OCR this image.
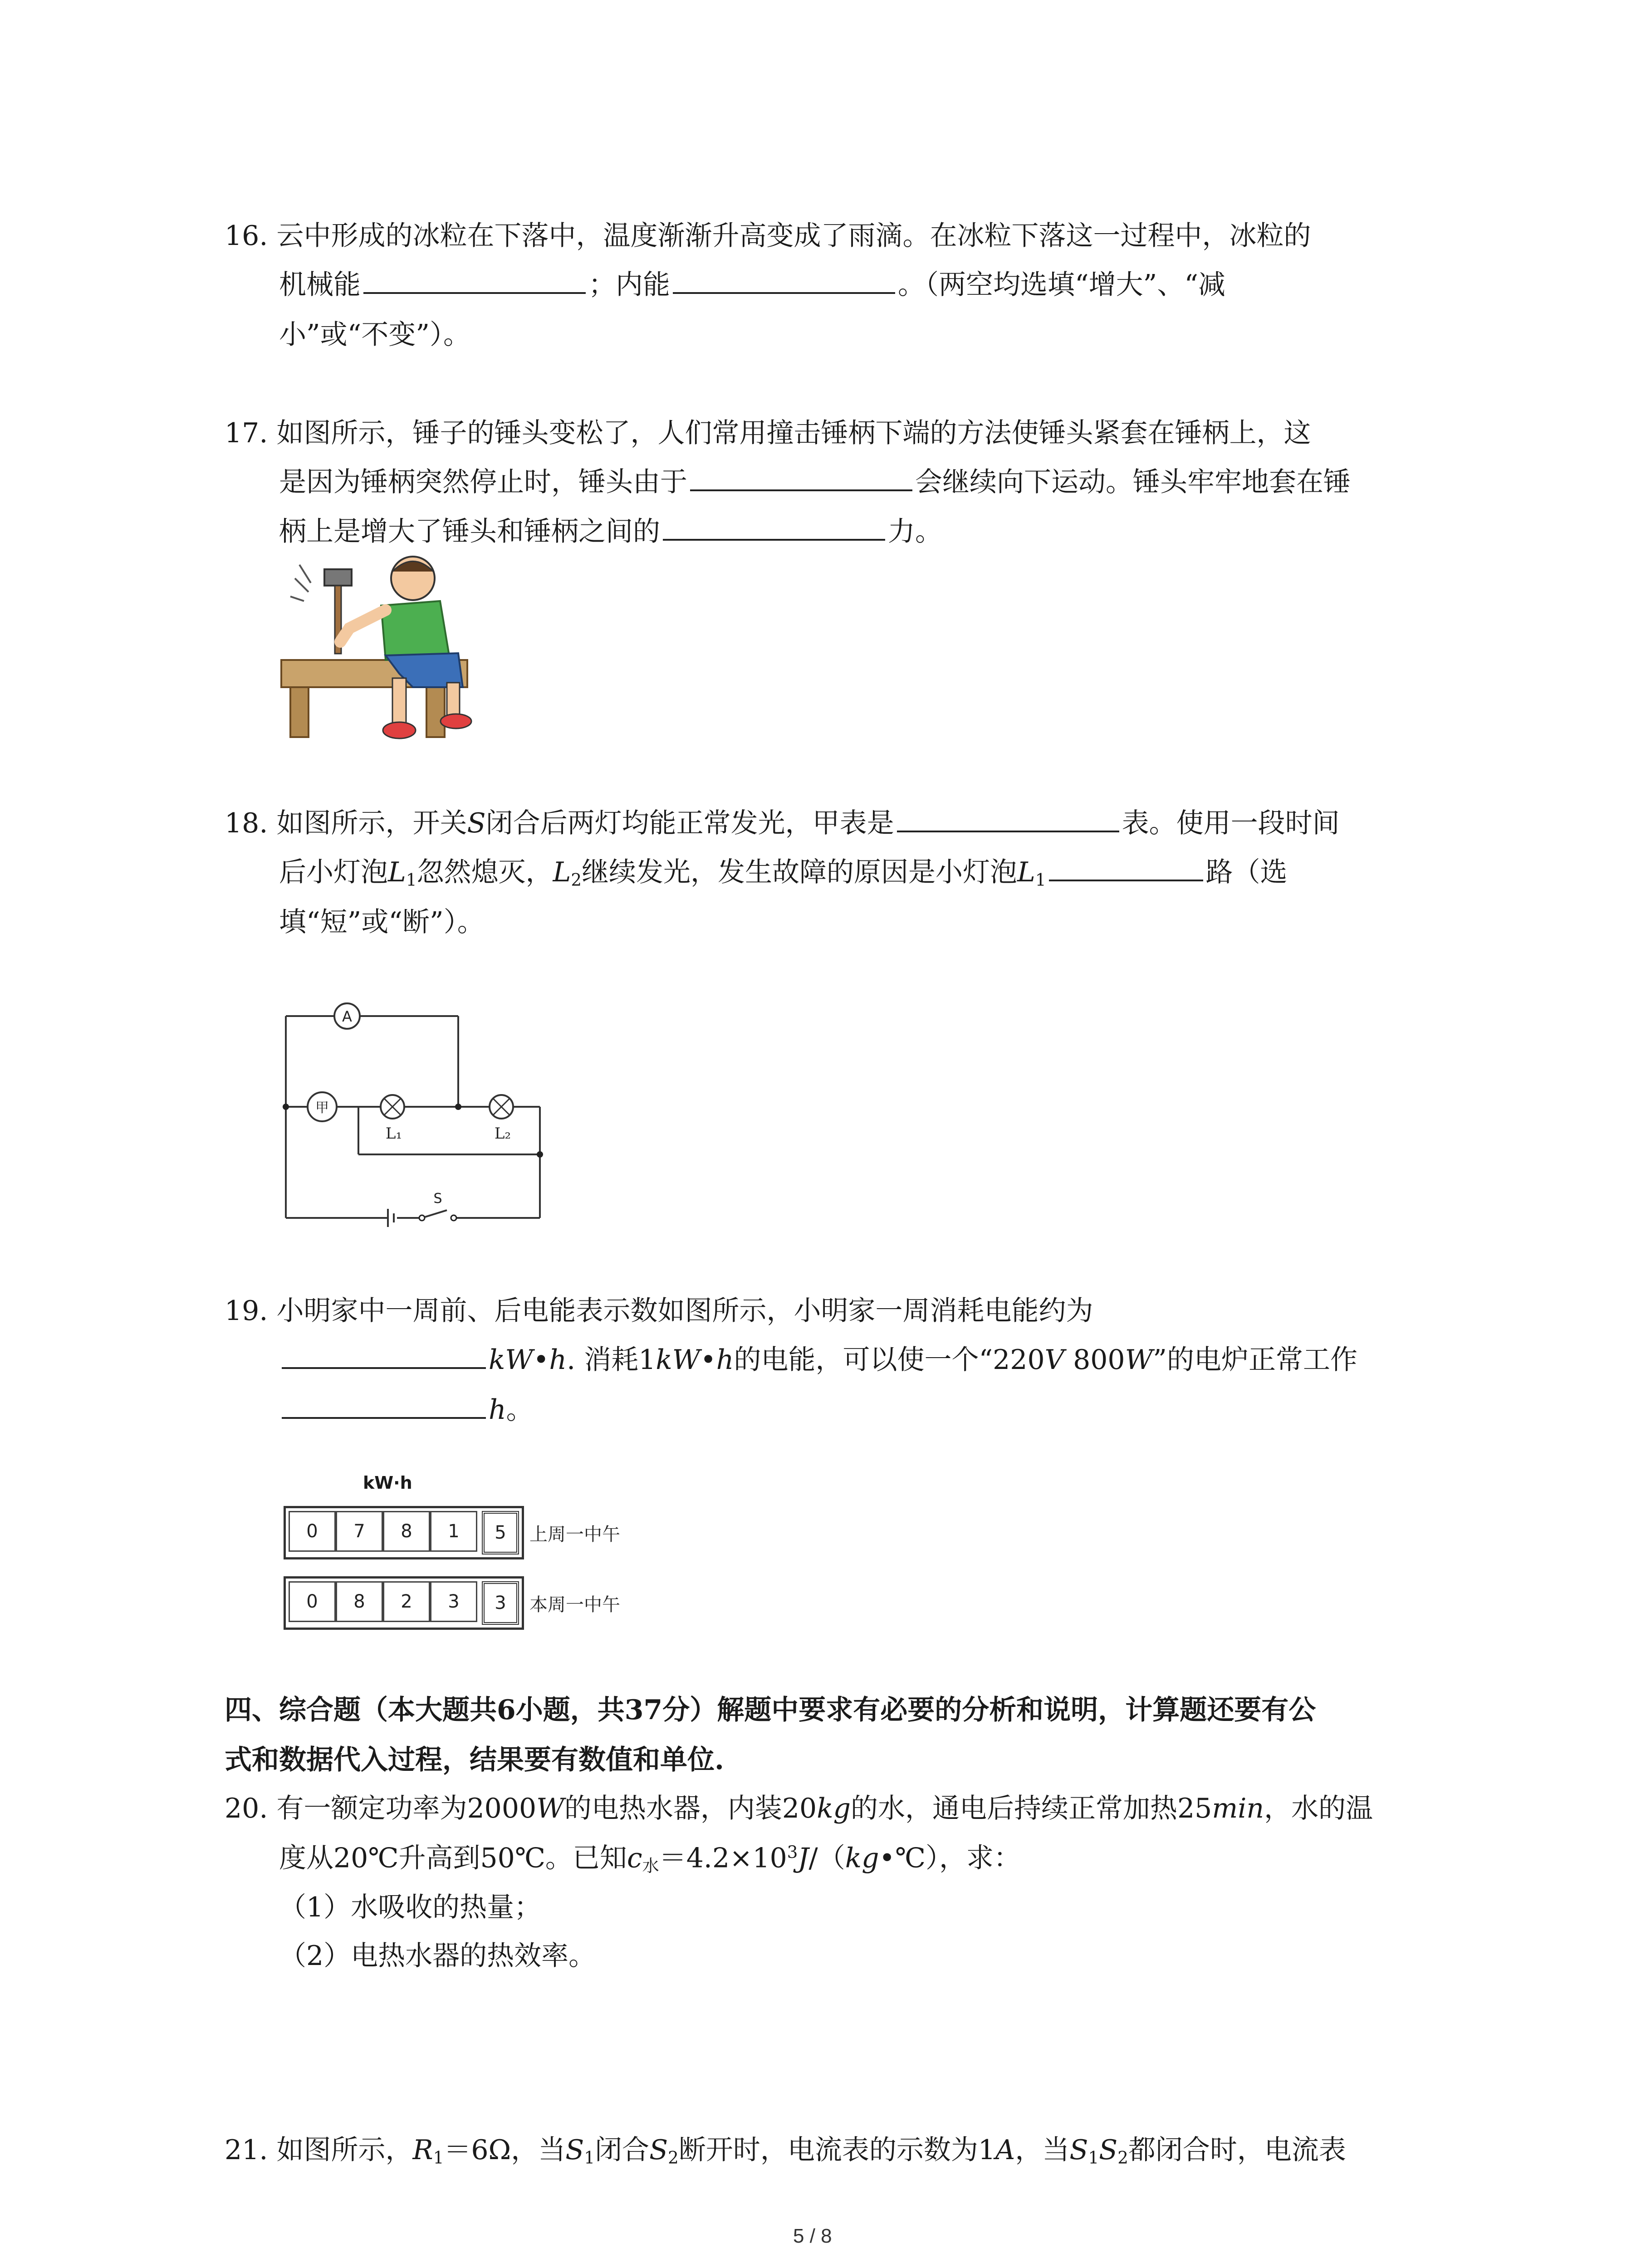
16. 云中形成的冰粒在下落中，温度渐渐升高变成了雨滴。在冰粒下落这一过程中，冰粒的
机械能	；内能	。（两空均选填“增大”、“减
小”或“不变”）。
17. 如图所示，锤子的锤头变松了，人们常用撞击锤柄下端的方法使锤头紧套在锤柄上，这
是因为锤柄突然停止时，锤头由于	会继续向下运动。锤头牢牢地套在锤
柄上是增大了锤头和锤柄之间的	力。
18. 如图所示，开关S闭合后两灯均能正常发光，甲表是	表。使用一段时间
后小灯泡$L_1$忽然熄灭，$L_2$继续发光，发生故障的原因是小灯泡$L_1$	路（选
填“短”或“断”）。
A
甲
L₁	L₂
S
19. 小明家中一周前、后电能表示数如图所示，小明家一周消耗电能约为
kW•h. 消耗1kW•h的电能，可以使一个“220V 800W”的电炉正常工作
h。
kW·h
0	7	8	1	5	上周一中午
0	8	2	3	3	本周一中午
四、综合题（本大题共6小题，共37分）解题中要求有必要的分析和说明，计算题还要有公
式和数据代入过程，结果要有数值和单位.
20. 有一额定功率为2000W的电热水器，内装20kg的水，通电后持续正常加热25min，水的温
度从20℃升高到50℃。已知$c_水=4.2\times 10^3J/(kg•℃)$，求：
（1）水吸收的热量；
（2）电热水器的热效率。
21. 如图所示，$R_1=6\Omega$，当$S_1$闭合$S_2$断开时，电流表的示数为1A，当$S_1S_2$都闭合时，电流表
5 / 8
